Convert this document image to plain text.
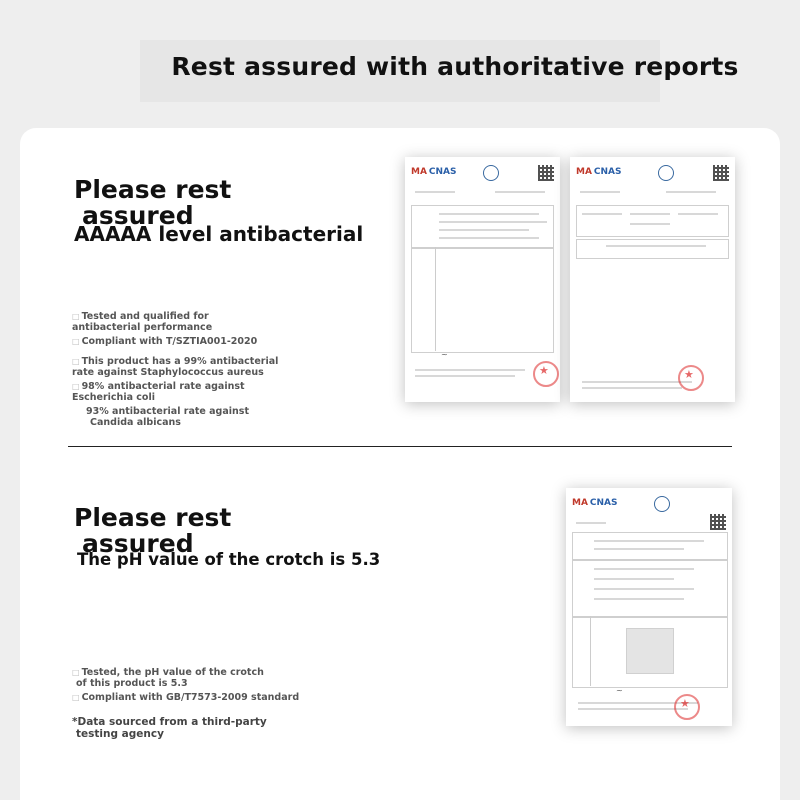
Rest assured with authoritative reports
Please rest
assured
AAAAA level antibacterial

□ Tested and qualified for

antibacterial performance

□ Compliant with T/SZTIA001-2020

□ This product has a 99% antibacterial

rate against Staphylococcus aureus

□ 98% antibacterial rate against

Escherichia coli

93% antibacterial rate against

Candida albicans

MA CNAS
~
★
MA CNAS
★
Please rest
assured
The pH value of the crotch is 5.3

□ Tested, the pH value of the crotch

of this product is 5.3

□ Compliant with GB/T7573-2009 standard

*Data sourced from a third-party

testing agency

MA CNAS
~
★
